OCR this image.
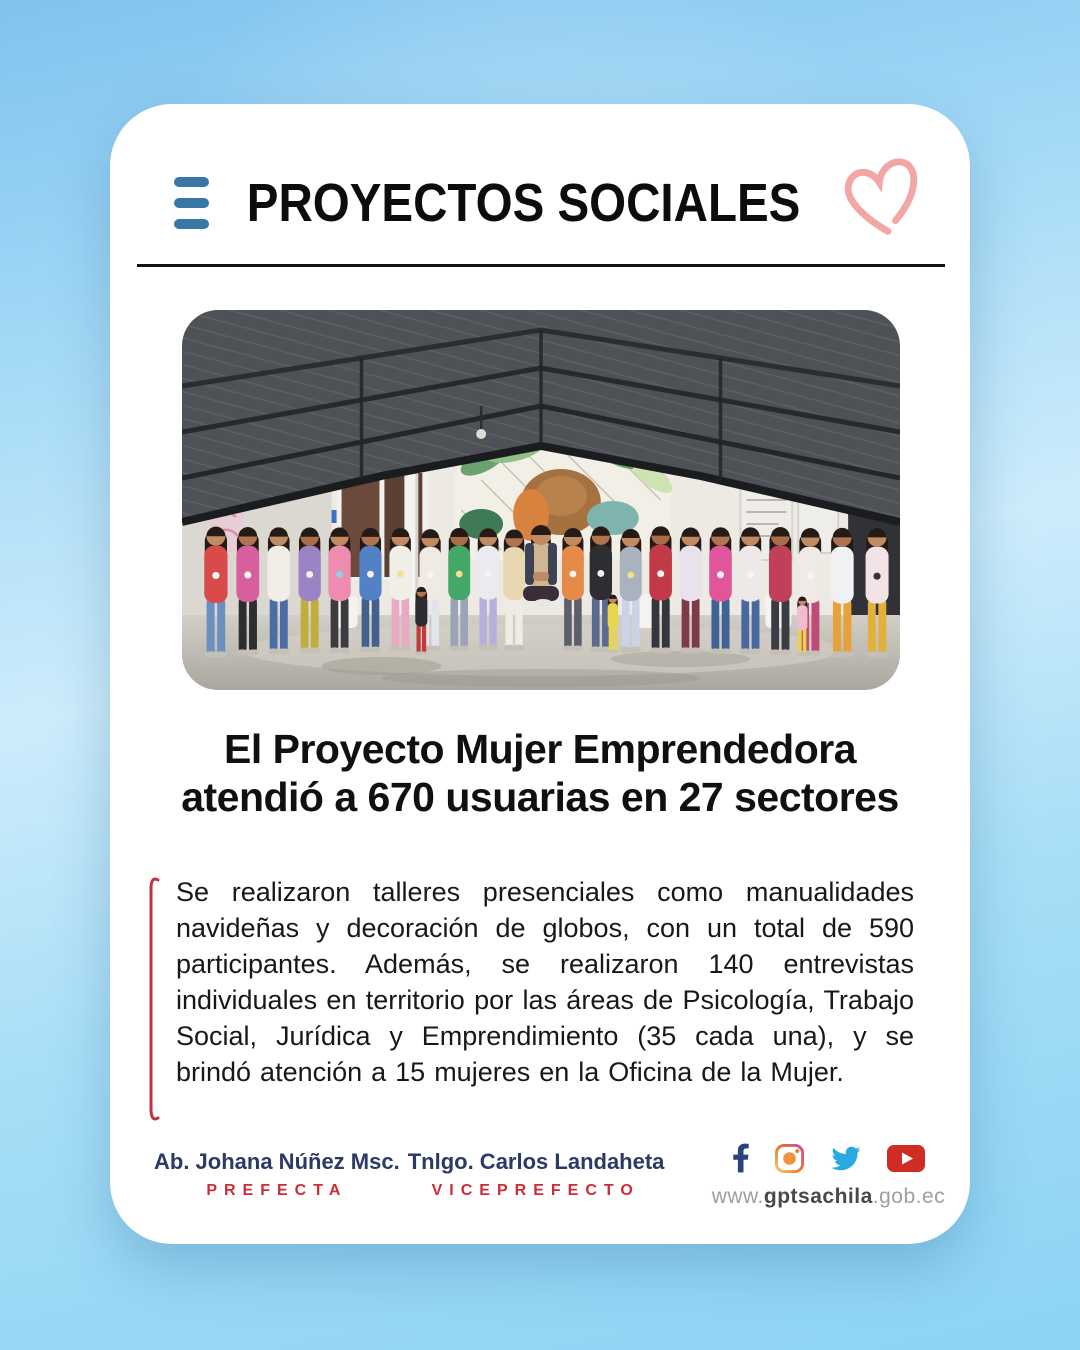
PROYECTOS SOCIALES
El Proyecto Mujer Emprendedora atendió a 670 usuarias en 27 sectores

Se realizaron talleres presenciales como manualidades navideñas y decoración de globos, con un total de 590 participantes. Además, se realizaron 140 entrevistas individuales en territorio por las áreas de Psicología, Trabajo Social, Jurídica y Emprendimiento (35 cada una), y se brindó atención a 15 mujeres en la Oficina de la Mujer.

Ab. Johana Núñez Msc.
PREFECTA
Tnlgo. Carlos Landaheta
VICEPREFECTO	www.gptsachila.gob.ec
